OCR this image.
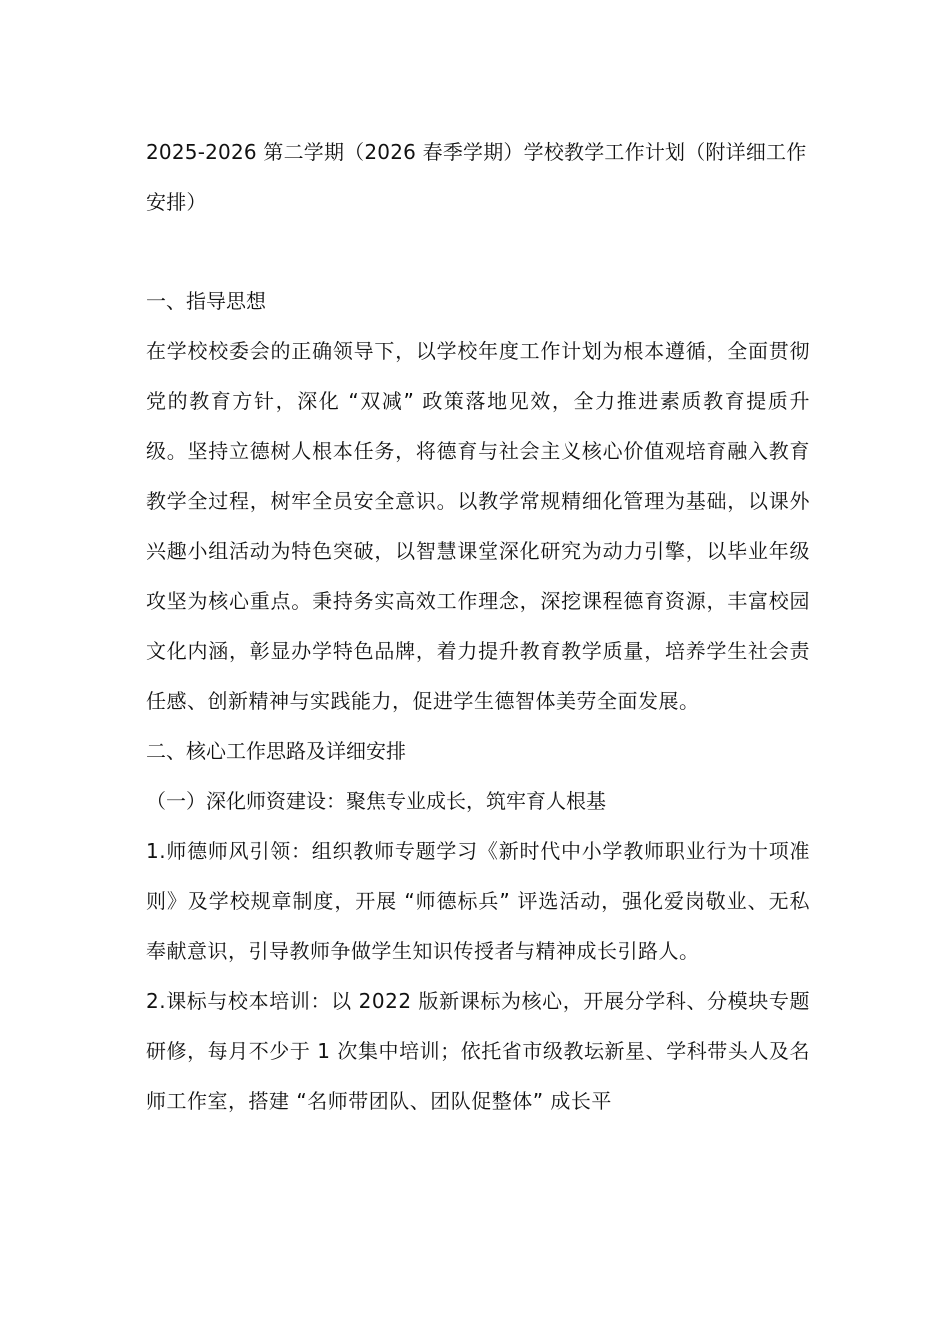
2025-2026 第二学期（2026 春季学期）学校教学工作计划（附详细工作安排）

一、指导思想

在学校校委会的正确领导下，以学校年度工作计划为根本遵循，全面贯彻党的教育方针，深化 “双减” 政策落地见效，全力推进素质教育提质升级。坚持立德树人根本任务，将德育与社会主义核心价值观培育融入教育教学全过程，树牢全员安全意识。以教学常规精细化管理为基础，以课外兴趣小组活动为特色突破，以智慧课堂深化研究为动力引擎，以毕业年级攻坚为核心重点。秉持务实高效工作理念，深挖课程德育资源，丰富校园文化内涵，彰显办学特色品牌，着力提升教育教学质量，培养学生社会责任感、创新精神与实践能力，促进学生德智体美劳全面发展。

二、核心工作思路及详细安排

（一）深化师资建设：聚焦专业成长，筑牢育人根基

1.师德师风引领：组织教师专题学习《新时代中小学教师职业行为十项准则》及学校规章制度，开展 “师德标兵” 评选活动，强化爱岗敬业、无私奉献意识，引导教师争做学生知识传授者与精神成长引路人。

2.课标与校本培训：以 2022 版新课标为核心，开展分学科、分模块专题研修，每月不少于 1 次集中培训；依托省市级教坛新星、学科带头人及名师工作室，搭建 “名师带团队、团队促整体” 成长平
